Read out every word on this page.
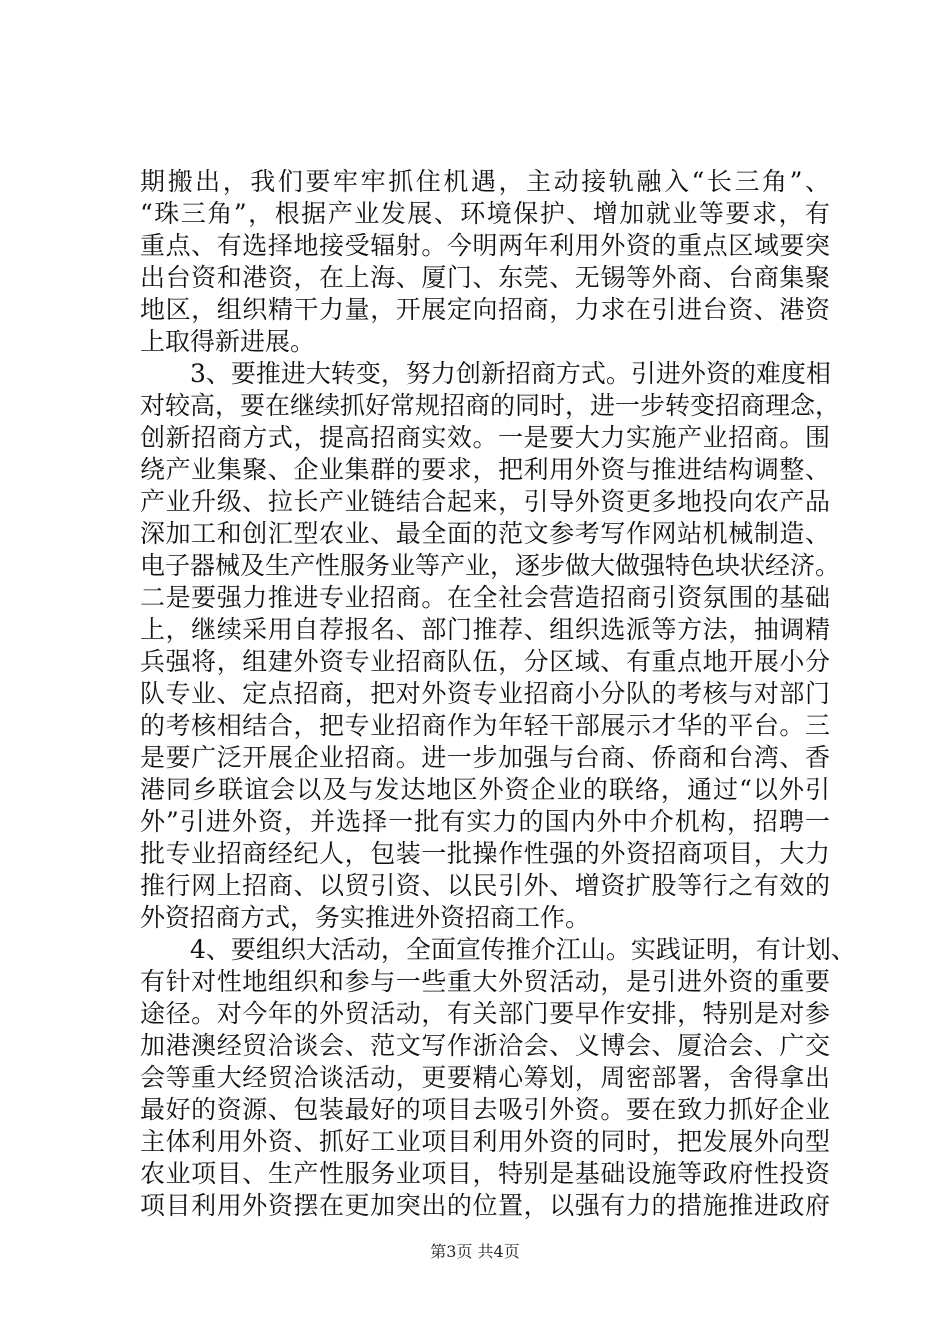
期搬出，我们要牢牢抓住机遇，主动接轨融入“长三角”、
“珠三角”，根据产业发展、环境保护、增加就业等要求，有
重点、有选择地接受辐射。今明两年利用外资的重点区域要突
出台资和港资，在上海、厦门、东莞、无锡等外商、台商集聚
地区，组织精干力量，开展定向招商，力求在引进台资、港资
上取得新进展。
　　3、要推进大转变，努力创新招商方式。引进外资的难度相
对较高，要在继续抓好常规招商的同时，进一步转变招商理念，
创新招商方式，提高招商实效。一是要大力实施产业招商。围
绕产业集聚、企业集群的要求，把利用外资与推进结构调整、
产业升级、拉长产业链结合起来，引导外资更多地投向农产品
深加工和创汇型农业、最全面的范文参考写作网站机械制造、
电子器械及生产性服务业等产业，逐步做大做强特色块状经济。
二是要强力推进专业招商。在全社会营造招商引资氛围的基础
上，继续采用自荐报名、部门推荐、组织选派等方法，抽调精
兵强将，组建外资专业招商队伍，分区域、有重点地开展小分
队专业、定点招商，把对外资专业招商小分队的考核与对部门
的考核相结合，把专业招商作为年轻干部展示才华的平台。三
是要广泛开展企业招商。进一步加强与台商、侨商和台湾、香
港同乡联谊会以及与发达地区外资企业的联络，通过“以外引
外”引进外资，并选择一批有实力的国内外中介机构，招聘一
批专业招商经纪人，包装一批操作性强的外资招商项目，大力
推行网上招商、以贸引资、以民引外、增资扩股等行之有效的
外资招商方式，务实推进外资招商工作。
　　4、要组织大活动，全面宣传推介江山。实践证明，有计划、
有针对性地组织和参与一些重大外贸活动，是引进外资的重要
途径。对今年的外贸活动，有关部门要早作安排，特别是对参
加港澳经贸洽谈会、范文写作浙洽会、义博会、厦洽会、广交
会等重大经贸洽谈活动，更要精心筹划，周密部署，舍得拿出
最好的资源、包装最好的项目去吸引外资。要在致力抓好企业
主体利用外资、抓好工业项目利用外资的同时，把发展外向型
农业项目、生产性服务业项目，特别是基础设施等政府性投资
项目利用外资摆在更加突出的位置，以强有力的措施推进政府
第3页 共4页
